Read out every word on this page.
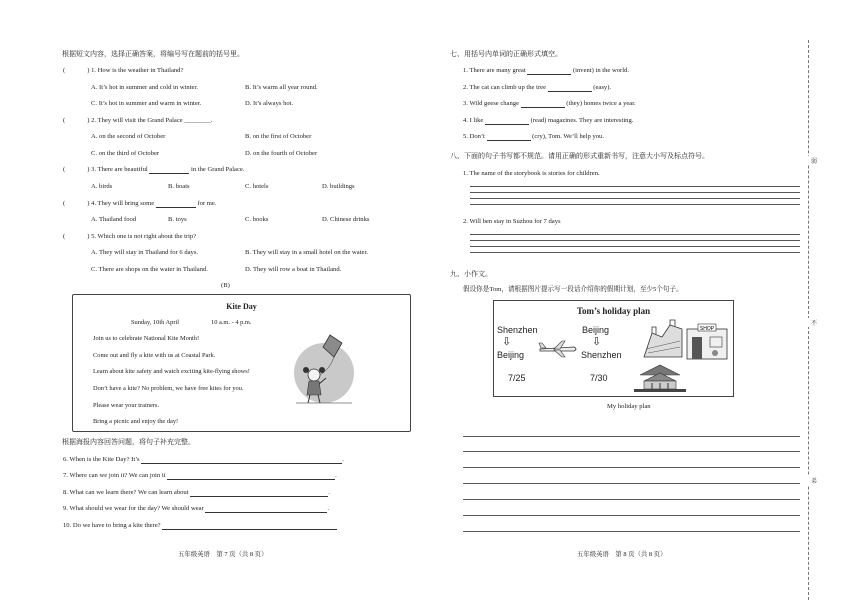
根据短文内容，选择正确答案，将编号写在题前的括号里。
(	) 1. How is the weather in Thailand?
A. It’s hot in summer and cold in winter.	B. It’s warm all year round.
C. It’s hot in summer and warm in winter.	D. It’s always hot.
(	) 2. They will visit the Grand Palace ________.
A. on the second of October	B. on the first of October
C. on the third of October	D. on the fourth of October
(	) 3. There are beautiful	in the Grand Palace.
A. birds	B. boats	C. hotels	D. buildings
(	) 4. They will bring some	for me.
A. Thailand food	B. toys	C. books	D. Chinese drinks
(	) 5. Which one is not right about the trip?
A. They will stay in Thailand for 6 days.	B. They will stay in a small hotel on the water.
C. There are shops on the water in Thailand.	D. They will row a boat in Thailand.
(B)
Kite Day
Sunday, 10th April	10 a.m. - 4 p.m.
Join us to celebrate National Kite Month!
Come out and fly a kite with us at Coastal Park.
Learn about kite safety and watch exciting kite-flying shows!
Don’t have a kite? No problem, we have free kites for you.
Please wear your trainers.
Bring a picnic and enjoy the day!
根据海报内容回答问题，将句子补充完整。
6. When is the Kite Day? It’s	.
7. Where can we join it? We can join it	.
8. What can we learn there? We can learn about	.
9. What should we wear for the day? We should wear	.
10. Do we have to bring a kite there?
五年级英语　第 7 页（共 8 页）
七、用括号内单词的正确形式填空。
1. There are many great	(invent) in the world.
2. The cat can climb up the tree	(easy).
3. Wild geese change	(they) homes twice a year.
4. I like	(read) magazines. They are interesting.
5. Don’t	(cry), Tom. We’ll help you.
八、下面的句子书写都不规范。请用正确的形式重新书写，注意大小写及标点符号。
1. The name of the storybook is stories for children.
2. Will ben stay in Suzhou for 7 days
九、小作文。
假设你是Tom，请根据图片提示写一段话介绍你的假期计划，至少5个句子。
Tom’s holiday plan
Shenzhen
⇩
Beijing
7/25
Beijing
⇩
Shenzhen
7/30
SHOP
My holiday plan
五年级英语　第 8 页（共 8 页）
弱
不
弟
